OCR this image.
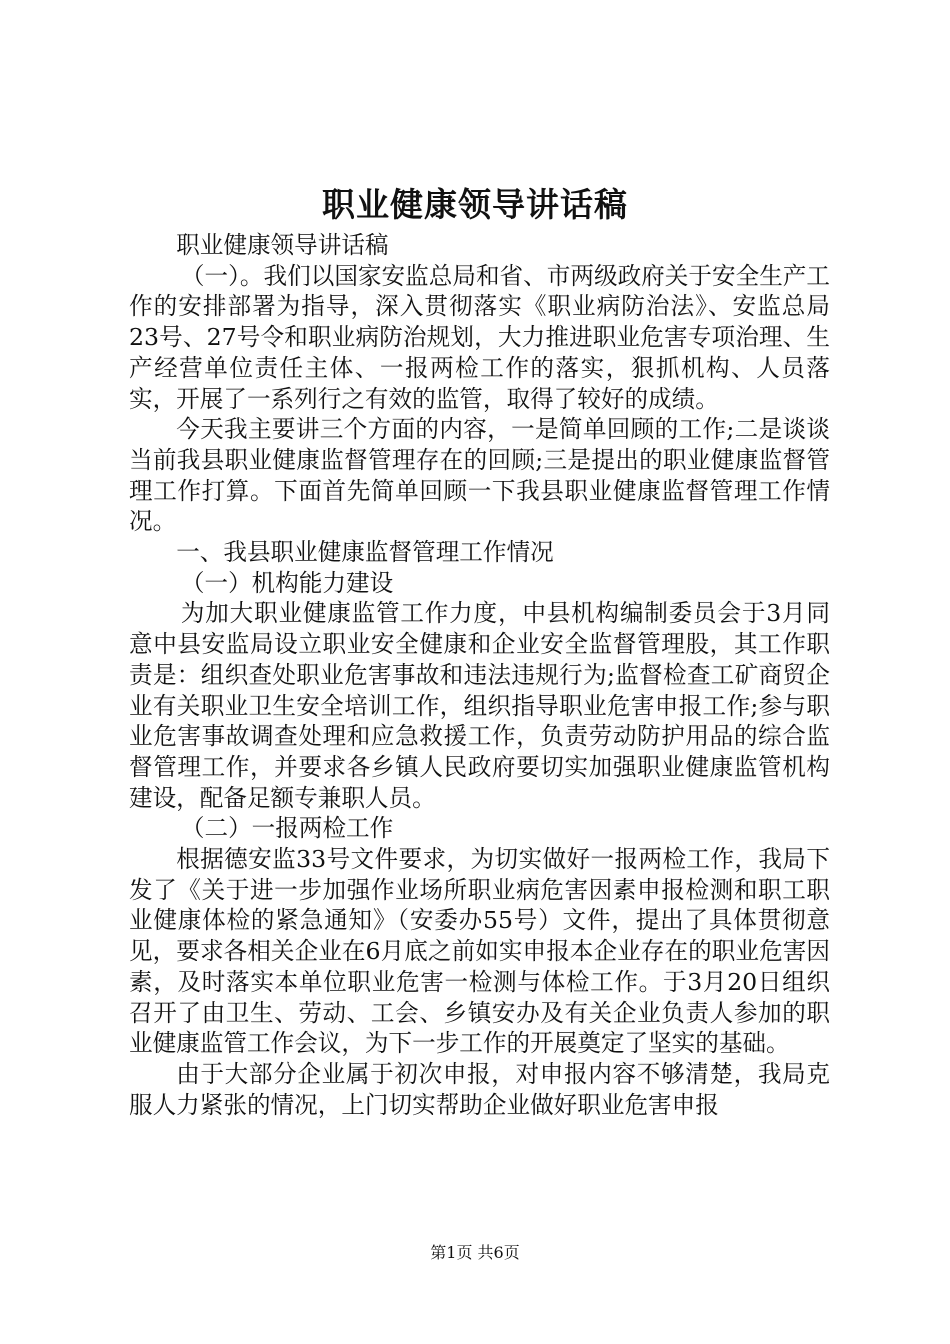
职业健康领导讲话稿

职业健康领导讲话稿

（一）。我们以国家安监总局和省、市两级政府关于安全生产工作的安排部署为指导，深入贯彻落实《职业病防治法》、安监总局23号、27号令和职业病防治规划，大力推进职业危害专项治理、生产经营单位责任主体、一报两检工作的落实，狠抓机构、人员落实，开展了一系列行之有效的监管，取得了较好的成绩。

今天我主要讲三个方面的内容，一是简单回顾的工作;二是谈谈当前我县职业健康监督管理存在的回顾;三是提出的职业健康监督管理工作打算。下面首先简单回顾一下我县职业健康监督管理工作情况。

一、我县职业健康监督管理工作情况

（一）机构能力建设

为加大职业健康监管工作力度，中县机构编制委员会于3月同意中县安监局设立职业安全健康和企业安全监督管理股，其工作职责是：组织查处职业危害事故和违法违规行为;监督检查工矿商贸企业有关职业卫生安全培训工作，组织指导职业危害申报工作;参与职业危害事故调查处理和应急救援工作，负责劳动防护用品的综合监督管理工作，并要求各乡镇人民政府要切实加强职业健康监管机构建设，配备足额专兼职人员。

（二）一报两检工作

根据德安监33号文件要求，为切实做好一报两检工作，我局下发了《关于进一步加强作业场所职业病危害因素申报检测和职工职业健康体检的紧急通知》（安委办55号）文件，提出了具体贯彻意见，要求各相关企业在6月底之前如实申报本企业存在的职业危害因素，及时落实本单位职业危害一检测与体检工作。于3月20日组织召开了由卫生、劳动、工会、乡镇安办及有关企业负责人参加的职业健康监管工作会议，为下一步工作的开展奠定了坚实的基础。

由于大部分企业属于初次申报，对申报内容不够清楚，我局克服人力紧张的情况，上门切实帮助企业做好职业危害申报

第1页 共6页
